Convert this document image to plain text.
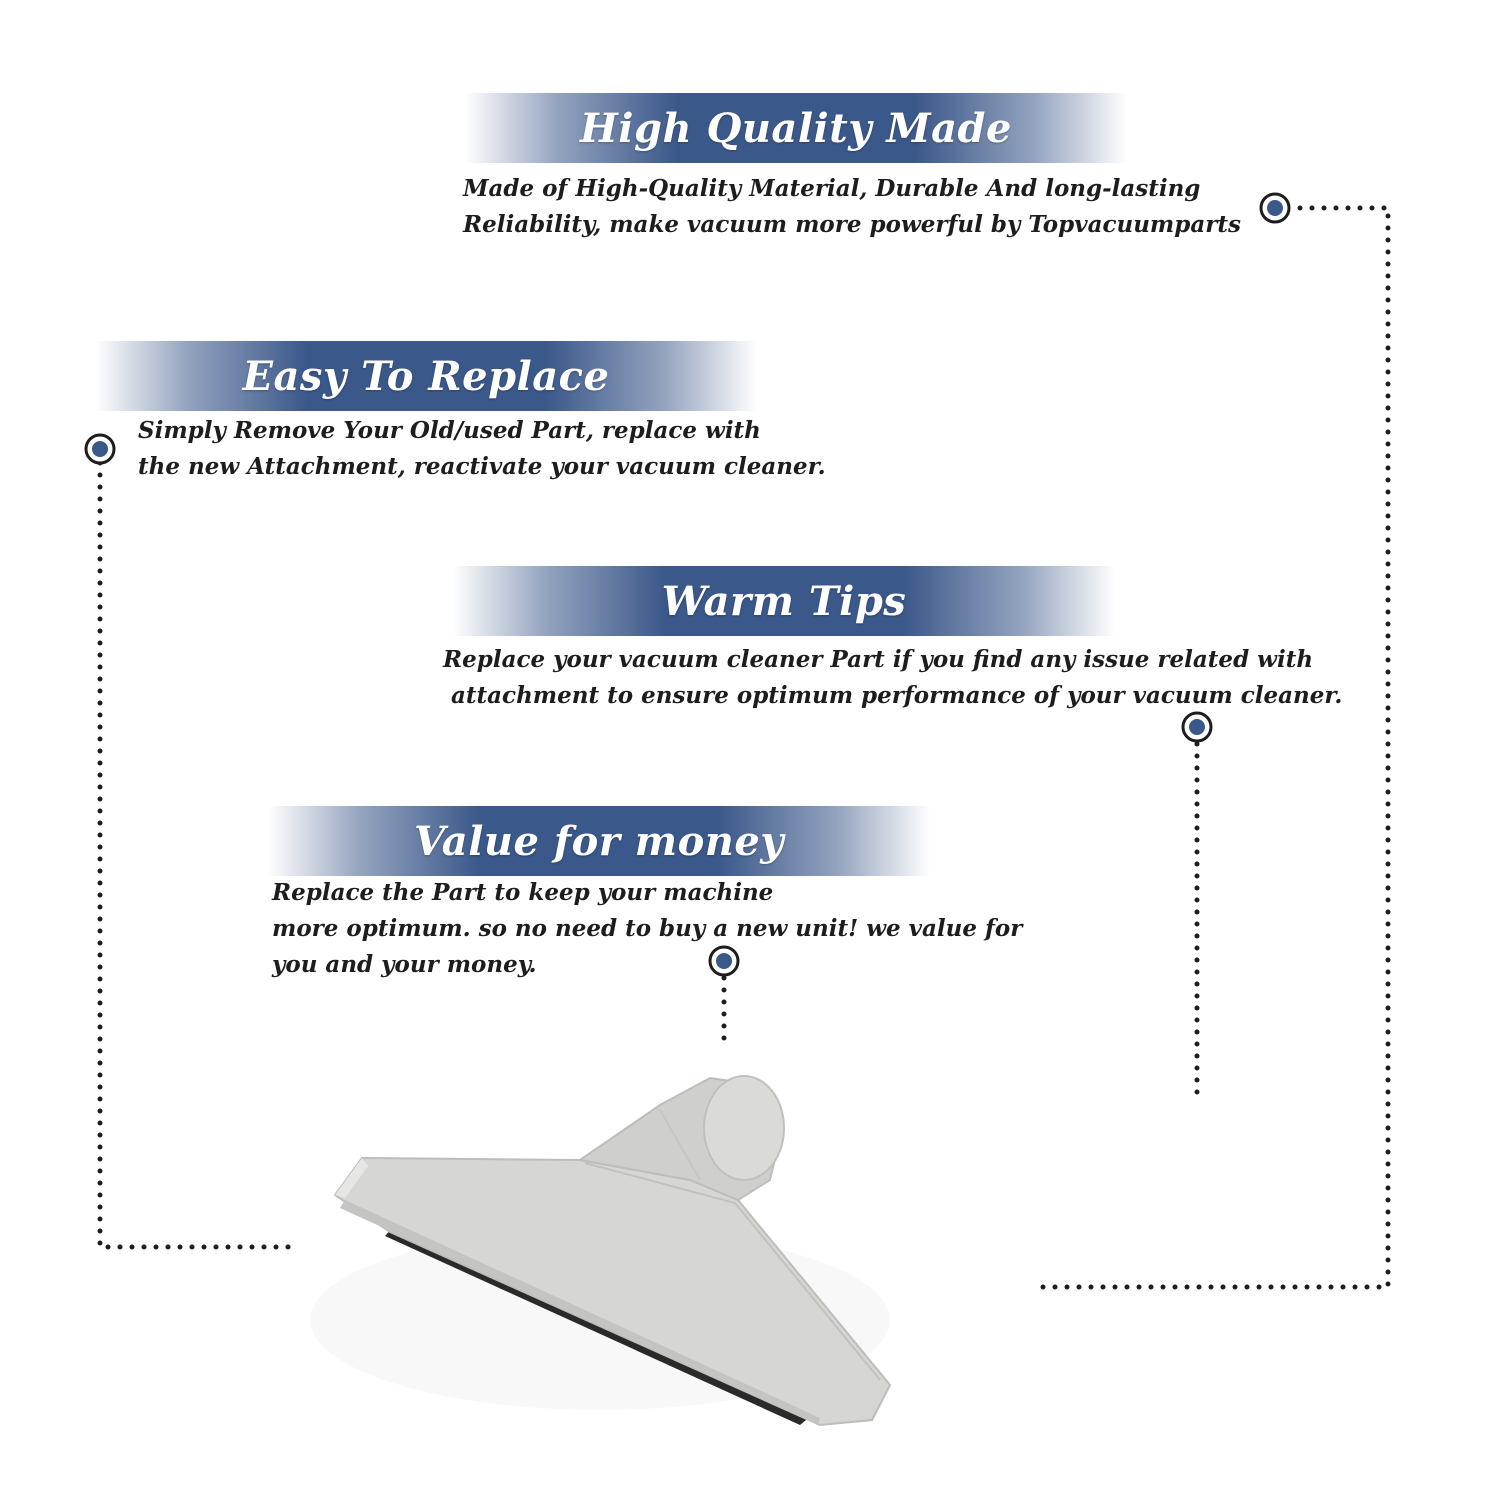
High Quality Made

Made of High-Quality Material, Durable And long-lasting
Reliability, make vacuum more powerful by Topvacuumparts

Easy To Replace

Simply Remove Your Old/used Part, replace with
the new Attachment, reactivate your vacuum cleaner.

Warm Tips

Replace your vacuum cleaner Part if you find any issue related with
attachment to ensure optimum performance of your vacuum cleaner.

Value for money

Replace the Part to keep your machine
more optimum. so no need to buy a new unit! we value for
you and your money.
